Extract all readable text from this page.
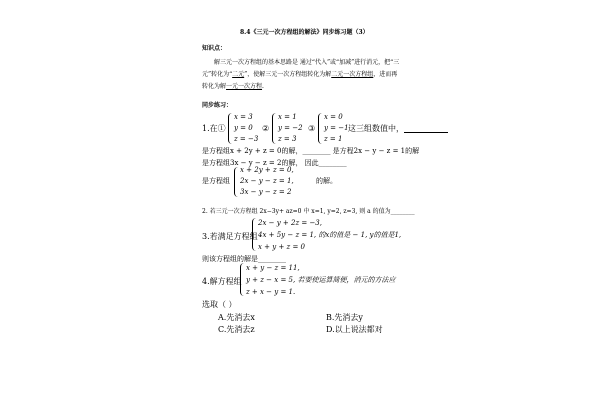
8.4《三元一次方程组的解法》同步练习题（3）
知识点：
解三元一次方程组的基本思路是 通过“代入”或“加减”进行消元，把“三
元”转化为“二元”，使解三元一次方程组转化为解二元一次方程组，进而再
转化为解一元一次方程.
同步练习：
1.在①
x = 3
y = 0
z = −3
②
x = 1
y = −2
z = 3
③
x = 0
y = −1
z = 1
这三组数值中，
是方程组x + 2y + z = 0的解，________ 是方程2x − y − z = 1的解
是方程组3x − y − z = 2的解， 因此________
是方程组
x + 2y + z = 0,
2x − y − z = 1,
3x − y − z = 2
的解。
2. 若三元一次方程组 2x−3y+ az=0 中 x=1, y=2, z=3, 则 a 的值为________
3.若满足方程组
2x − y + 2z = −3,
4x + 5y − z = 1, 的x的值是 − 1, y的值是1,
x + y + z = 0
则该方程组的解是________
4.解方程组
x + y − z = 11,
y + z − x = 5, 若要使运算简便，消元的方法应
z + x − y = 1.
选取（ ）
A.先消去x	B.先消去y
C.先消去z	D.以上说法都对
